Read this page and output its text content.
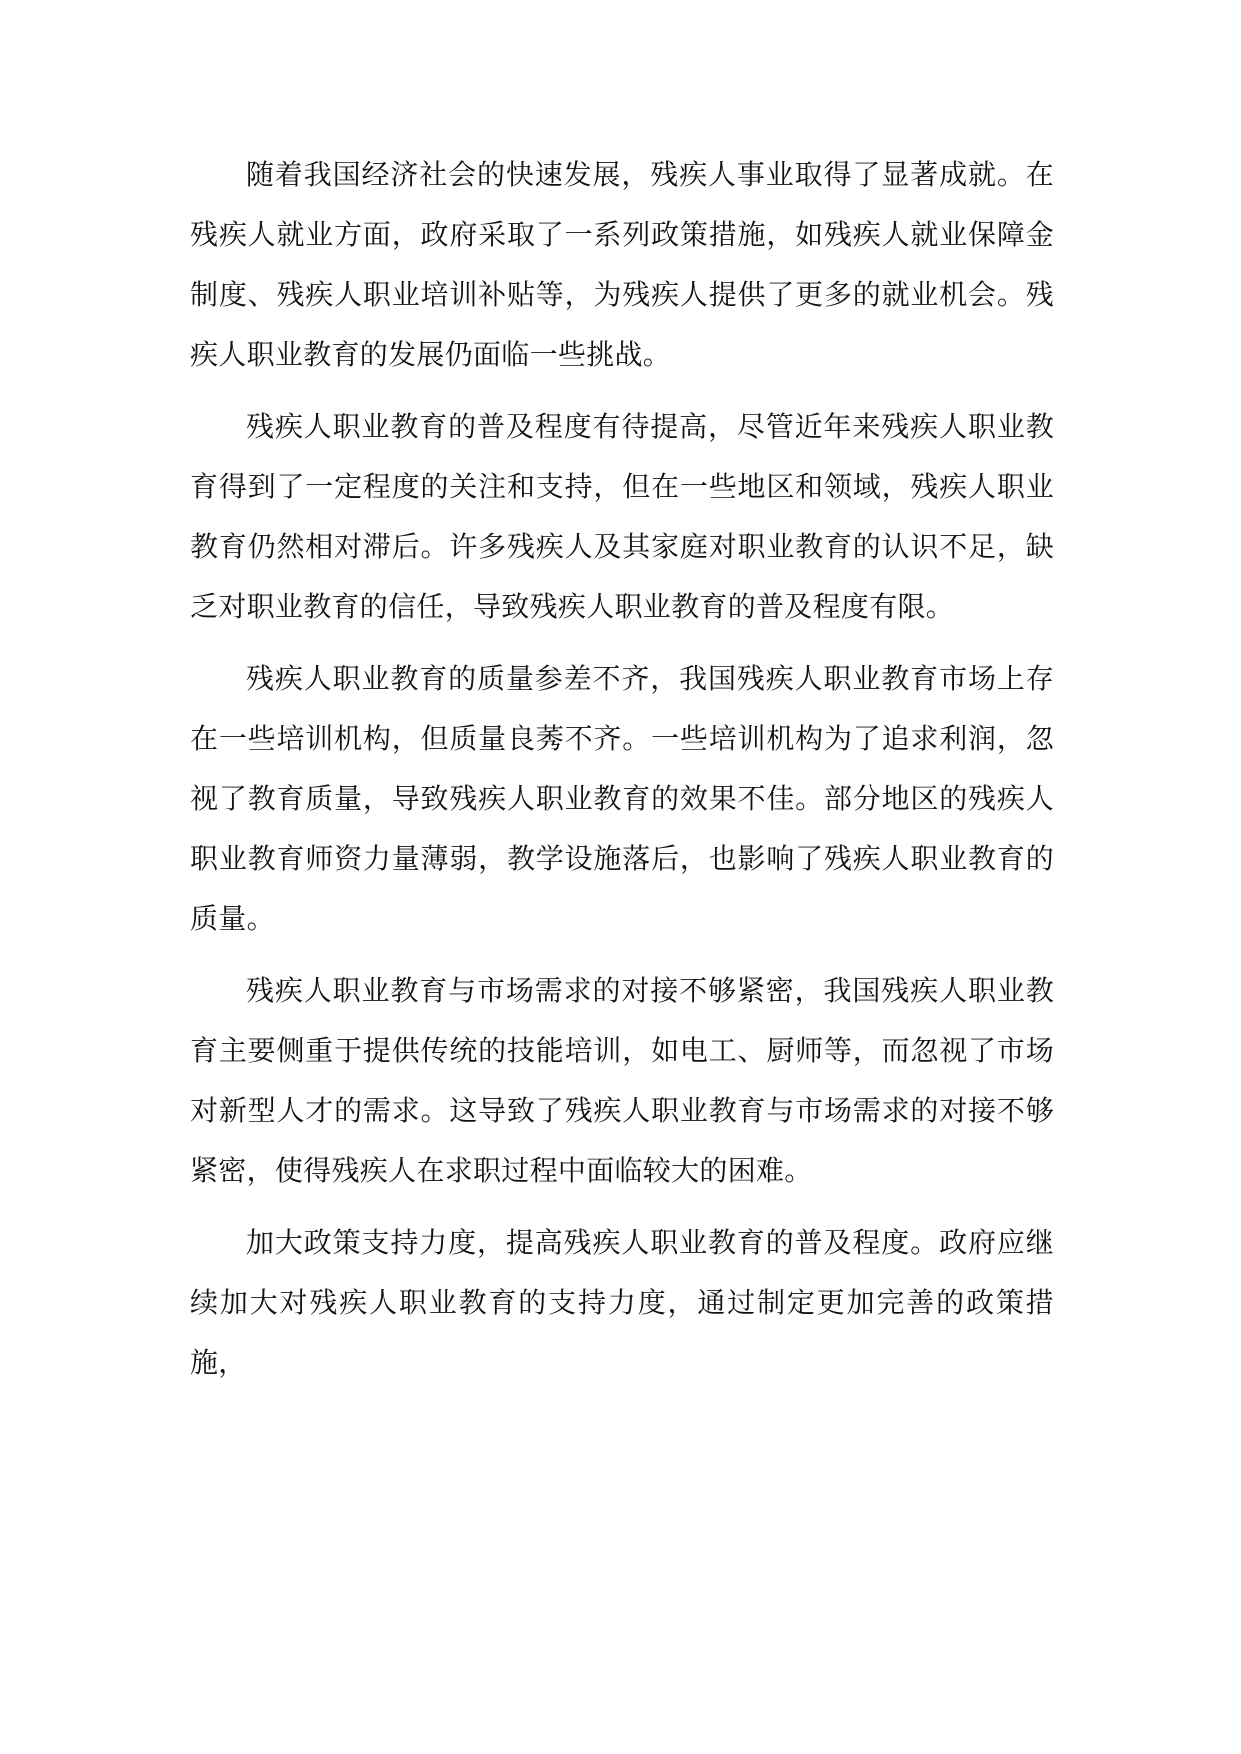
随着我国经济社会的快速发展，残疾人事业取得了显著成就。在残疾人就业方面，政府采取了一系列政策措施，如残疾人就业保障金制度、残疾人职业培训补贴等，为残疾人提供了更多的就业机会。残疾人职业教育的发展仍面临一些挑战。

残疾人职业教育的普及程度有待提高，尽管近年来残疾人职业教育得到了一定程度的关注和支持，但在一些地区和领域，残疾人职业教育仍然相对滞后。许多残疾人及其家庭对职业教育的认识不足，缺乏对职业教育的信任，导致残疾人职业教育的普及程度有限。

残疾人职业教育的质量参差不齐，我国残疾人职业教育市场上存在一些培训机构，但质量良莠不齐。一些培训机构为了追求利润，忽视了教育质量，导致残疾人职业教育的效果不佳。部分地区的残疾人职业教育师资力量薄弱，教学设施落后，也影响了残疾人职业教育的质量。

残疾人职业教育与市场需求的对接不够紧密，我国残疾人职业教育主要侧重于提供传统的技能培训，如电工、厨师等，而忽视了市场对新型人才的需求。这导致了残疾人职业教育与市场需求的对接不够紧密，使得残疾人在求职过程中面临较大的困难。

加大政策支持力度，提高残疾人职业教育的普及程度。政府应继续加大对残疾人职业教育的支持力度，通过制定更加完善的政策措施，
